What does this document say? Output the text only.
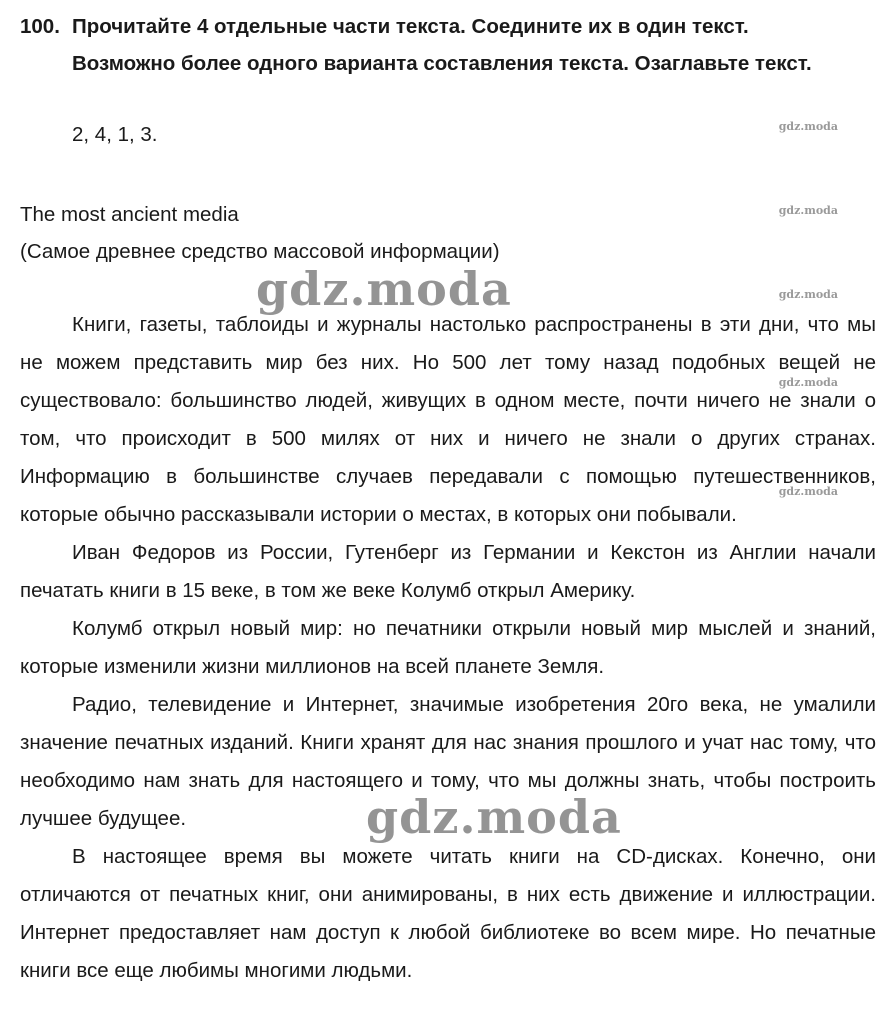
100. Прочитайте 4 отдельные части текста. Соедините их в один текст.
Возможно более одного варианта составления текста. Озаглавьте текст.
2, 4, 1, 3.
The most ancient media
(Самое древнее средство массовой информации)

Книги, газеты, таблоиды и журналы настолько распространены в эти дни, что мы не можем представить мир без них. Но 500 лет тому назад подобных вещей не существовало: большинство людей, живущих в одном месте, почти ничего не знали о том, что происходит в 500 милях от них и ничего не знали о других странах. Информацию в большинстве случаев передавали с помощью путешественников, которые обычно рассказывали истории о местах, в которых они побывали.

Иван Федоров из России, Гутенберг из Германии и Кекстон из Англии начали печатать книги в 15 веке, в том же веке Колумб открыл Америку.

Колумб открыл новый мир: но печатники открыли новый мир мыслей и знаний, которые изменили жизни миллионов на всей планете Земля.

Радио, телевидение и Интернет, значимые изобретения 20го века, не умалили значение печатных изданий. Книги хранят для нас знания прошлого и учат нас тому, что необходимо нам знать для настоящего и тому, что мы должны знать, чтобы построить лучшее будущее.

В настоящее время вы можете читать книги на CD-дисках. Конечно, они отличаются от печатных книг, они анимированы, в них есть движение и иллюстрации. Интернет предоставляет нам доступ к любой библиотеке во всем мире. Но печатные книги все еще любимы многими людьми.

gdz.moda
gdz.moda
gdz.moda
gdz.moda
gdz.moda
gdz.moda
gdz.moda
